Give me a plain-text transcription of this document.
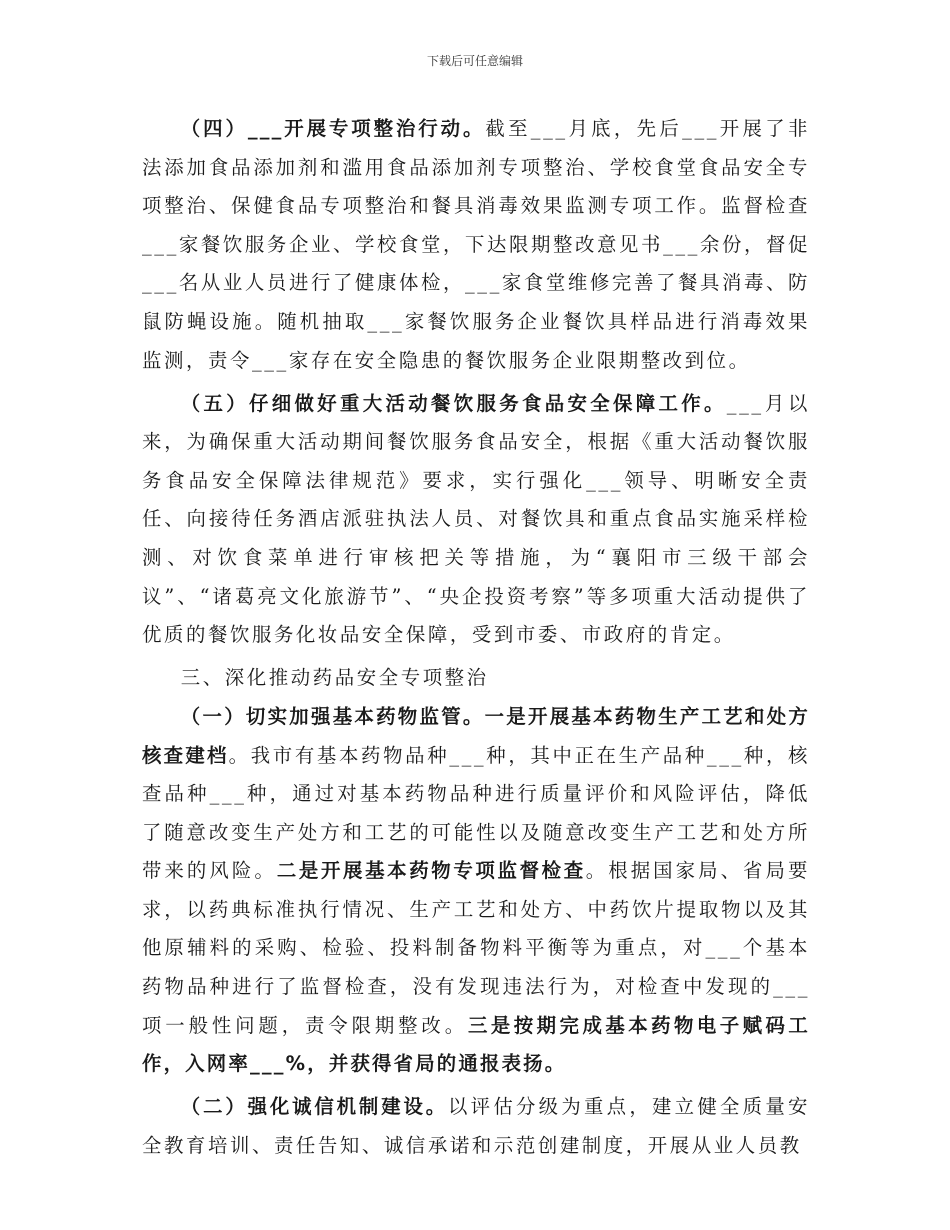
下载后可任意编辑

（四）___开展专项整治行动。截至___月底，先后___开展了非法添加食品添加剂和滥用食品添加剂专项整治、学校食堂食品安全专项整治、保健食品专项整治和餐具消毒效果监测专项工作。监督检查___家餐饮服务企业、学校食堂，下达限期整改意见书___余份，督促___名从业人员进行了健康体检，___家食堂维修完善了餐具消毒、防鼠防蝇设施。随机抽取___家餐饮服务企业餐饮具样品进行消毒效果监测，责令___家存在安全隐患的餐饮服务企业限期整改到位。

（五）仔细做好重大活动餐饮服务食品安全保障工作。___月以来，为确保重大活动期间餐饮服务食品安全，根据《重大活动餐饮服务食品安全保障法律规范》要求，实行强化___领导、明晰安全责任、向接待任务酒店派驻执法人员、对餐饮具和重点食品实施采样检测、对饮食菜单进行审核把关等措施，为“襄阳市三级干部会议”、“诸葛亮文化旅游节”、“央企投资考察”等多项重大活动提供了优质的餐饮服务化妆品安全保障，受到市委、市政府的肯定。

三、深化推动药品安全专项整治

（一）切实加强基本药物监管。一是开展基本药物生产工艺和处方核查建档。我市有基本药物品种___种，其中正在生产品种___种，核查品种___种，通过对基本药物品种进行质量评价和风险评估，降低了随意改变生产处方和工艺的可能性以及随意改变生产工艺和处方所带来的风险。二是开展基本药物专项监督检查。根据国家局、省局要求，以药典标准执行情况、生产工艺和处方、中药饮片提取物以及其他原辅料的采购、检验、投料制备物料平衡等为重点，对___个基本药物品种进行了监督检查，没有发现违法行为，对检查中发现的___项一般性问题，责令限期整改。三是按期完成基本药物电子赋码工作，入网率___%，并获得省局的通报表扬。

（二）强化诚信机制建设。以评估分级为重点，建立健全质量安全教育培训、责任告知、诚信承诺和示范创建制度，开展从业人员教
